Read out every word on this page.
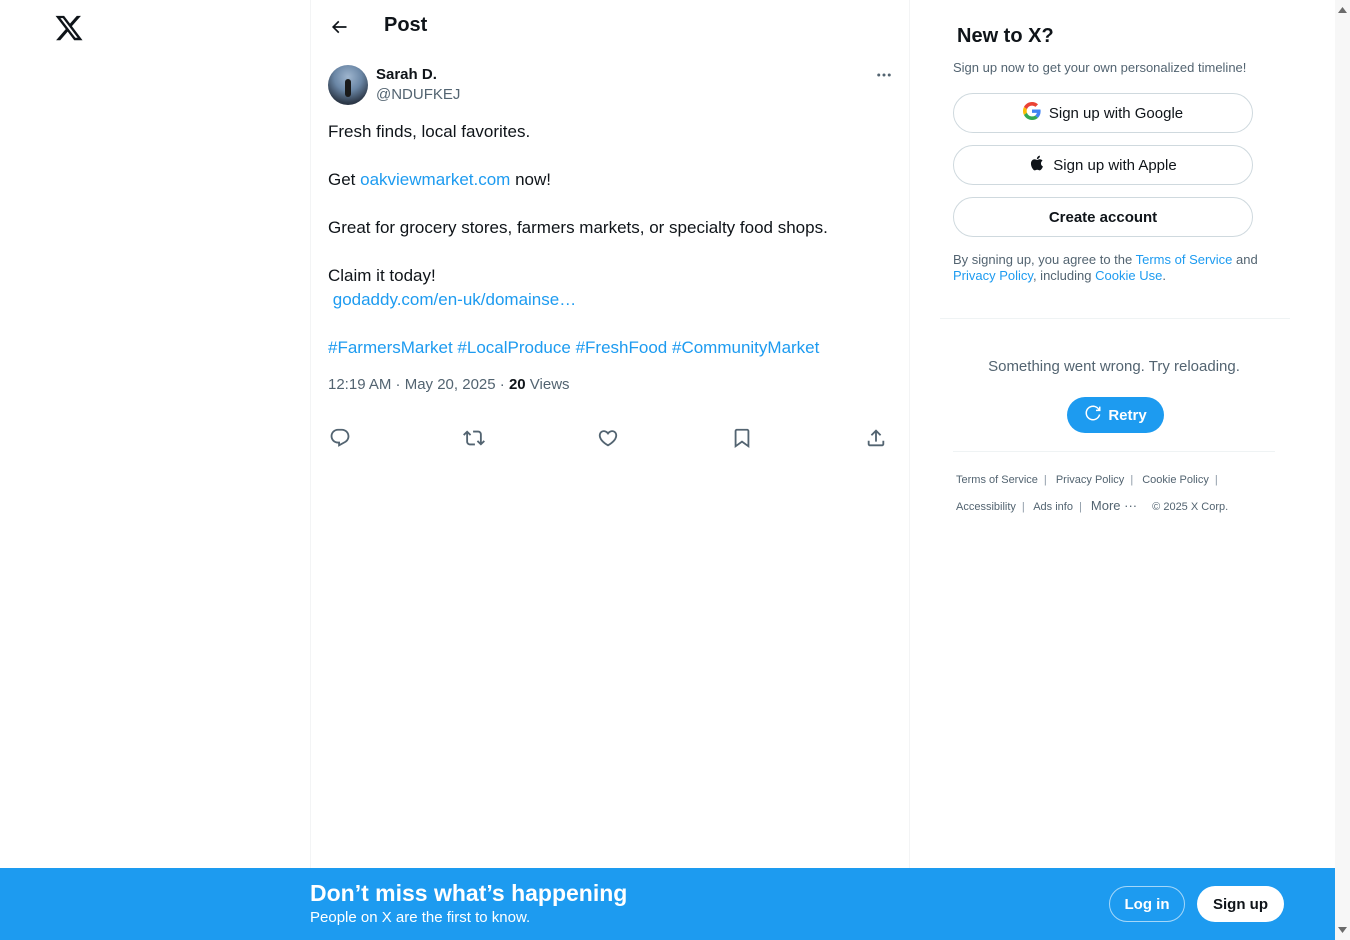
Post
Sarah D.
@NDUFKEJ
Fresh finds, local favorites.
Get oakviewmarket.com now!
Great for grocery stores, farmers markets, or specialty food shops.
Claim it today!
godaddy.com/en-uk/domainse…
#FarmersMarket #LocalProduce #FreshFood #CommunityMarket
12:19 AM · May 20, 2025 · 20 Views
New to X?
Sign up now to get your own personalized timeline!
Sign up with Google
Sign up with Apple
Create account
By signing up, you agree to the Terms of Service and
Privacy Policy, including Cookie Use.
Something went wrong. Try reloading.
Retry
Terms of Service | Privacy Policy | Cookie Policy |
Accessibility | Ads info | More ··· © 2025 X Corp.
Don’t miss what’s happening
People on X are the first to know.
Log in	Sign up
